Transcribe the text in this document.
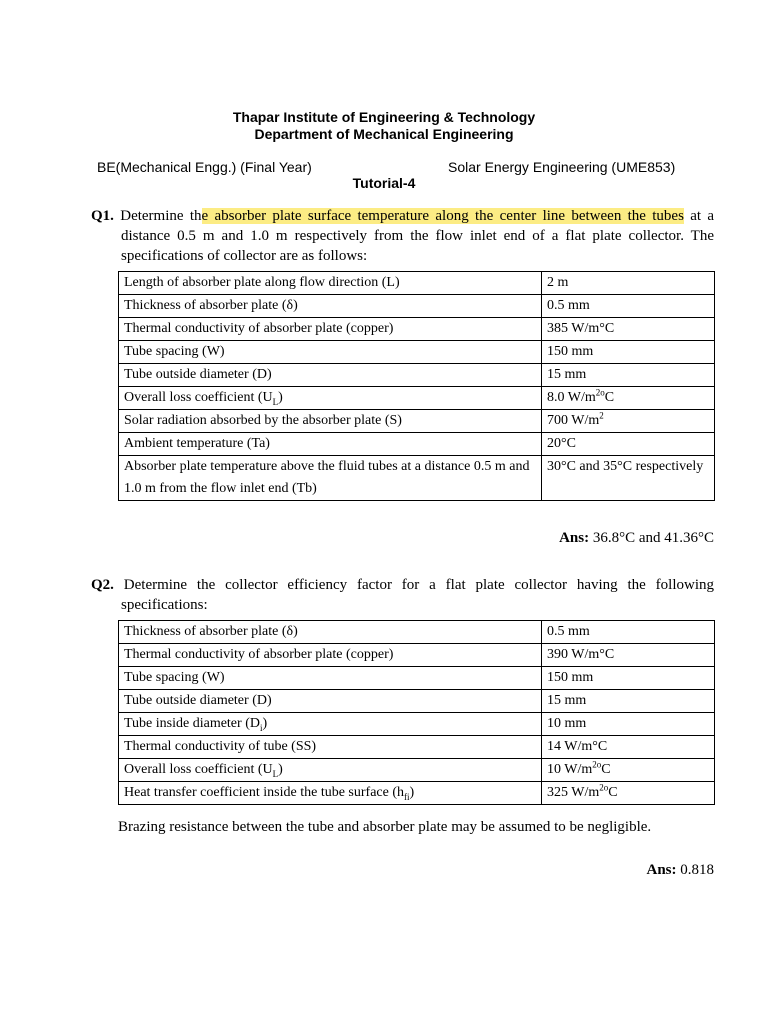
Thapar Institute of Engineering & Technology
Department of Mechanical Engineering
BE(Mechanical Engg.) (Final Year)	Solar Energy Engineering (UME853)
Tutorial-4
Q1. Determine the absorber plate surface temperature along the center line between the tubes at a distance 0.5 m and 1.0 m respectively from the flow inlet end of a flat plate collector. The specifications of collector are as follows:
Length of absorber plate along flow direction (L)	2 m
Thickness of absorber plate (δ)	0.5 mm
Thermal conductivity of absorber plate (copper)	385 W/m°C
Tube spacing (W)	150 mm
Tube outside diameter (D)	15 mm
Overall loss coefficient $(U_L)$	8.0 $W/m^{2o}C$
Solar radiation absorbed by the absorber plate (S)	700 $W/m^2$
Ambient temperature (Ta)	20°C
Absorber plate temperature above the fluid tubes at a distance 0.5 m and 1.0 m from the flow inlet end (Tb)	30°C and 35°C respectively
Ans: 36.8°C and 41.36°C
Q2. Determine the collector efficiency factor for a flat plate collector having the following specifications:
Thickness of absorber plate (δ)	0.5 mm
Thermal conductivity of absorber plate (copper)	390 W/m°C
Tube spacing (W)	150 mm
Tube outside diameter (D)	15 mm
Tube inside diameter $(D_i)$	10 mm
Thermal conductivity of tube (SS)	14 W/m°C
Overall loss coefficient $(U_L)$	10 $W/m^{2o}C$
Heat transfer coefficient inside the tube surface $(h_{fi})$	325 $W/m^{2o}C$
Brazing resistance between the tube and absorber plate may be assumed to be negligible.
Ans: 0.818
